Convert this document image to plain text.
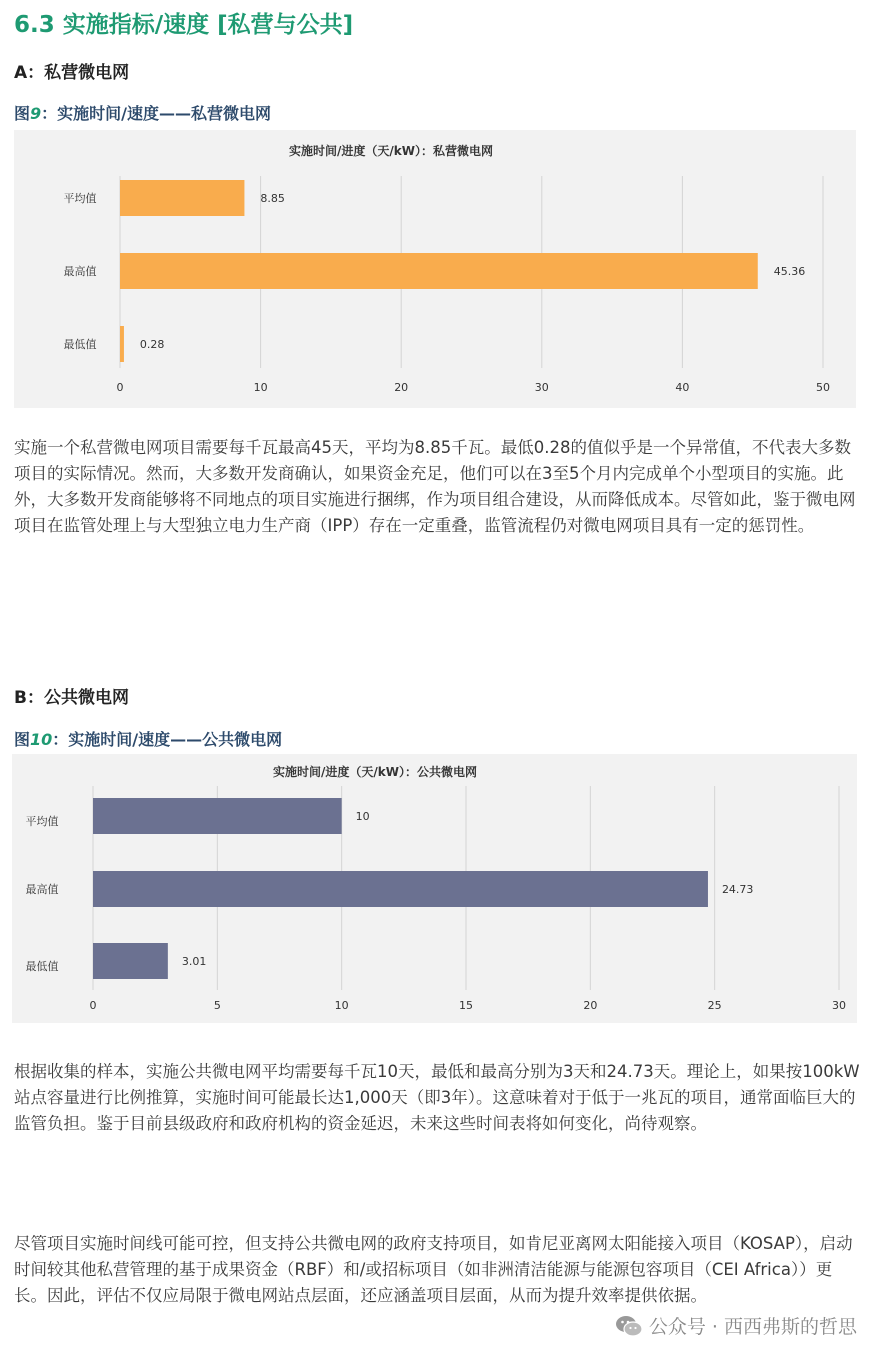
6.3 实施指标/速度 [私营与公共]
A：私营微电网
图9：实施时间/速度——私营微电网
实施时间/进度（天/kW）：私营微电网
0	10	20	30	40	50
平均值	8.85
最高值	45.36
最低值	0.28

实施一个私营微电网项目需要每千瓦最高45天，平均为8.85千瓦。最低0.28的值似乎是一个异常值，不代表大多数项目的实际情况。然而，大多数开发商确认，如果资金充足，他们可以在3至5个月内完成单个小型项目的实施。此外，大多数开发商能够将不同地点的项目实施进行捆绑，作为项目组合建设，从而降低成本。尽管如此，鉴于微电网项目在监管处理上与大型独立电力生产商（IPP）存在一定重叠，监管流程仍对微电网项目具有一定的惩罚性。

B：公共微电网
图10：实施时间/速度——公共微电网
实施时间/进度（天/kW）：公共微电网
0	5	10	15	20	25	30
平均值	10
最高值	24.73
最低值	3.01

根据收集的样本，实施公共微电网平均需要每千瓦10天，最低和最高分别为3天和24.73天。理论上，如果按100kW站点容量进行比例推算，实施时间可能最长达1,000天（即3年）。这意味着对于低于一兆瓦的项目，通常面临巨大的监管负担。鉴于目前县级政府和政府机构的资金延迟，未来这些时间表将如何变化，尚待观察。

尽管项目实施时间线可能可控，但支持公共微电网的政府支持项目，如肯尼亚离网太阳能接入项目（KOSAP），启动时间较其他私营管理的基于成果资金（RBF）和/或招标项目（如非洲清洁能源与能源包容项目（CEI Africa））更长。因此，评估不仅应局限于微电网站点层面，还应涵盖项目层面，从而为提升效率提供依据。

公众号 · 西西弗斯的哲思
